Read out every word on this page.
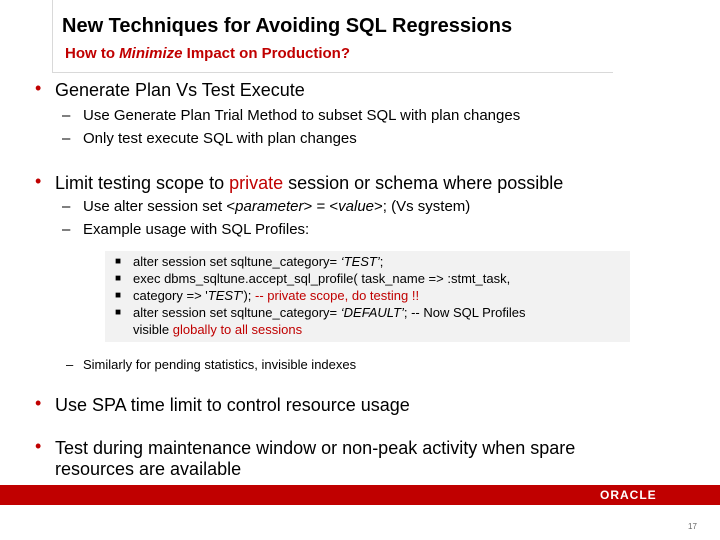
New Techniques for Avoiding SQL Regressions
How to Minimize Impact on Production?
• Generate Plan Vs Test Execute
– Use Generate Plan Trial Method to subset SQL with plan changes
– Only test execute SQL with plan changes
• Limit testing scope to private session or schema where possible
– Use alter session set <parameter> = <value>; (Vs system)
– Example usage with SQL Profiles:
■ alter session set sqltune_category= ‘TEST’;
■ exec dbms_sqltune.accept_sql_profile( task_name => :stmt_task,
■ category => 'TEST'); -- private scope, do testing !!
■ alter session set sqltune_category= ‘DEFAULT’; -- Now SQL Profiles
visible globally to all sessions
– Similarly for pending statistics, invisible indexes
• Use SPA time limit to control resource usage
• Test during maintenance window or non-peak activity when spare
resources are available
ORACLE
17
